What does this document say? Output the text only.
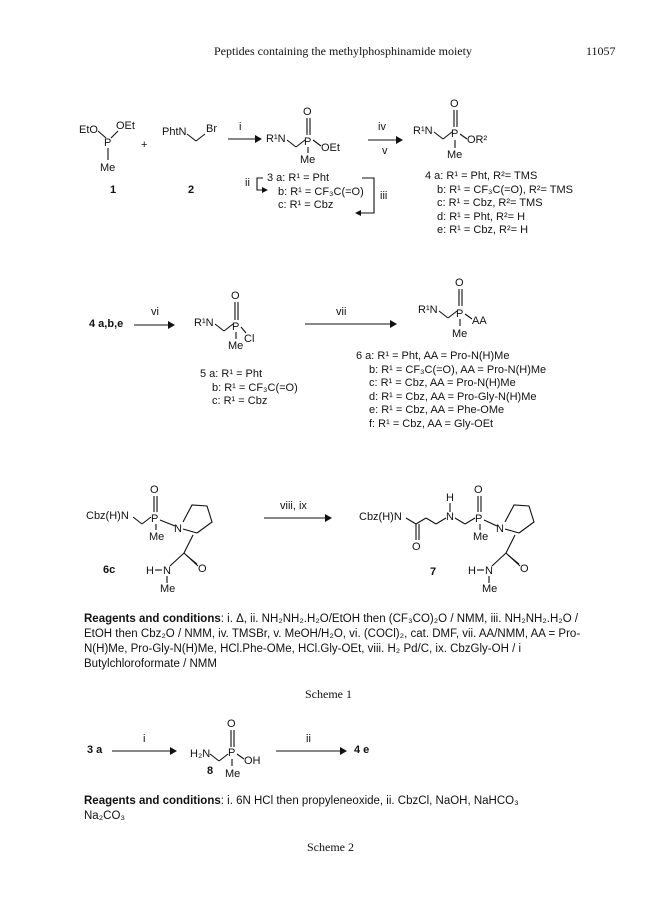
Peptides containing the methylphosphinamide moiety	11057
EtO
P
OEt
Me
PhtN Br
R¹N P
O
OEt
Me
R¹N P
O
OR²
Me
R¹N P
O
Cl
Me
R¹N P
O
AA
Me
Cbz(H)N P
O
Me
N
O
H N
Me
Cbz(H)N
O
N
H
P
O
Me
N
O
H N
Me
H₂N P
O
OH
Me
1
+
2
i	iv
v
ii
iii
3 a: R¹ = Pht
b: R¹ = CF₃C(=O)
c: R¹ = Cbz
4 a: R¹ = Pht, R²= TMS
b: R¹ = CF₃C(=O), R²= TMS
c: R¹ = Cbz, R²= TMS
d: R¹ = Pht, R²= H
e: R¹ = Cbz, R²= H
4 a,b,e
vi	vii
5 a: R¹ = Pht
b: R¹ = CF₃C(=O)
c: R¹ = Cbz
6 a: R¹ = Pht, AA = Pro-N(H)Me
b: R¹ = CF₃C(=O), AA = Pro-N(H)Me
c: R¹ = Cbz, AA = Pro-N(H)Me
d: R¹ = Cbz, AA = Pro-Gly-N(H)Me
e: R¹ = Cbz, AA = Phe-OMe
f: R¹ = Cbz, AA = Gly-OEt
6c
viii, ix
7
Reagents and conditions: i. Δ, ii. NH₂NH₂.H₂O/EtOH then (CF₃CO)₂O / NMM, iii. NH₂NH₂.H₂O / EtOH then Cbz₂O / NMM, iv. TMSBr, v. MeOH/H₂O, vi. (COCl)₂, cat. DMF, vii. AA/NMM, AA = Pro-N(H)Me, Pro-Gly-N(H)Me, HCl.Phe-OMe, HCl.Gly-OEt, viii. H₂ Pd/C, ix. CbzGly-OH / i Butylchloroformate / NMM
Scheme 1
3 a
i
8
ii
4 e
Reagents and conditions: i. 6N HCl then propyleneoxide, ii. CbzCl, NaOH, NaHCO₃ Na₂CO₃
Scheme 2
